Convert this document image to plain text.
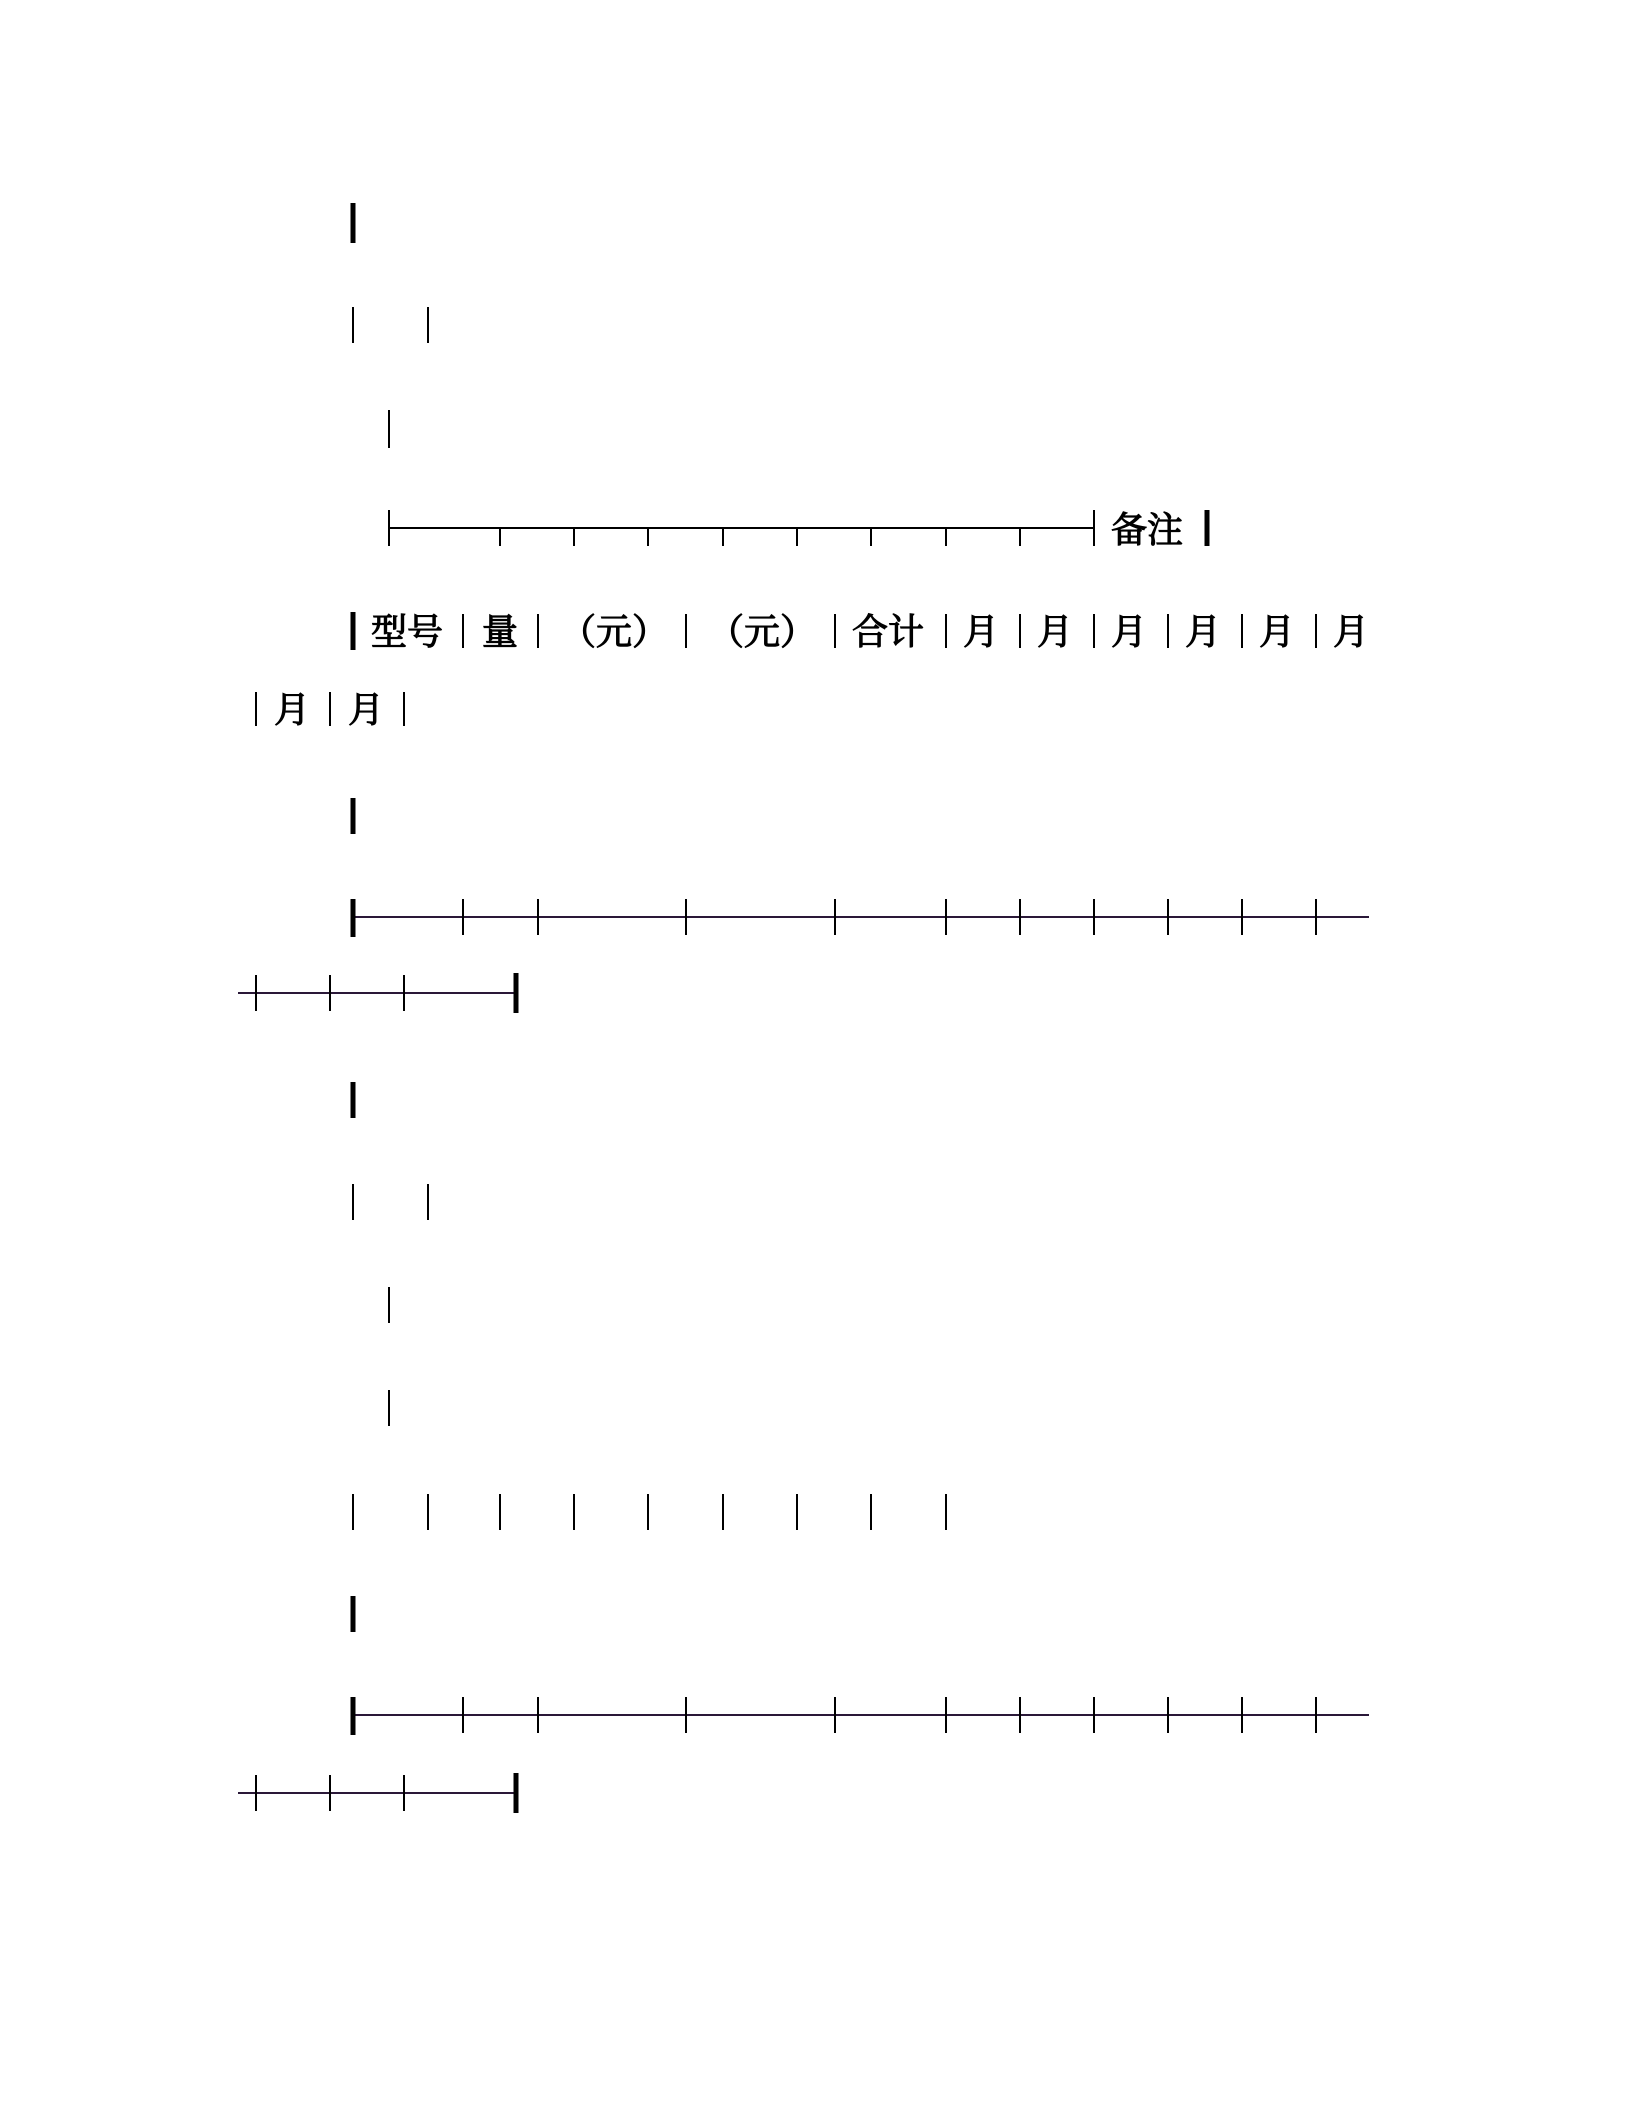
备注
型号 量 （元） （元） 合计 月 月 月 月 月 月
月 月
